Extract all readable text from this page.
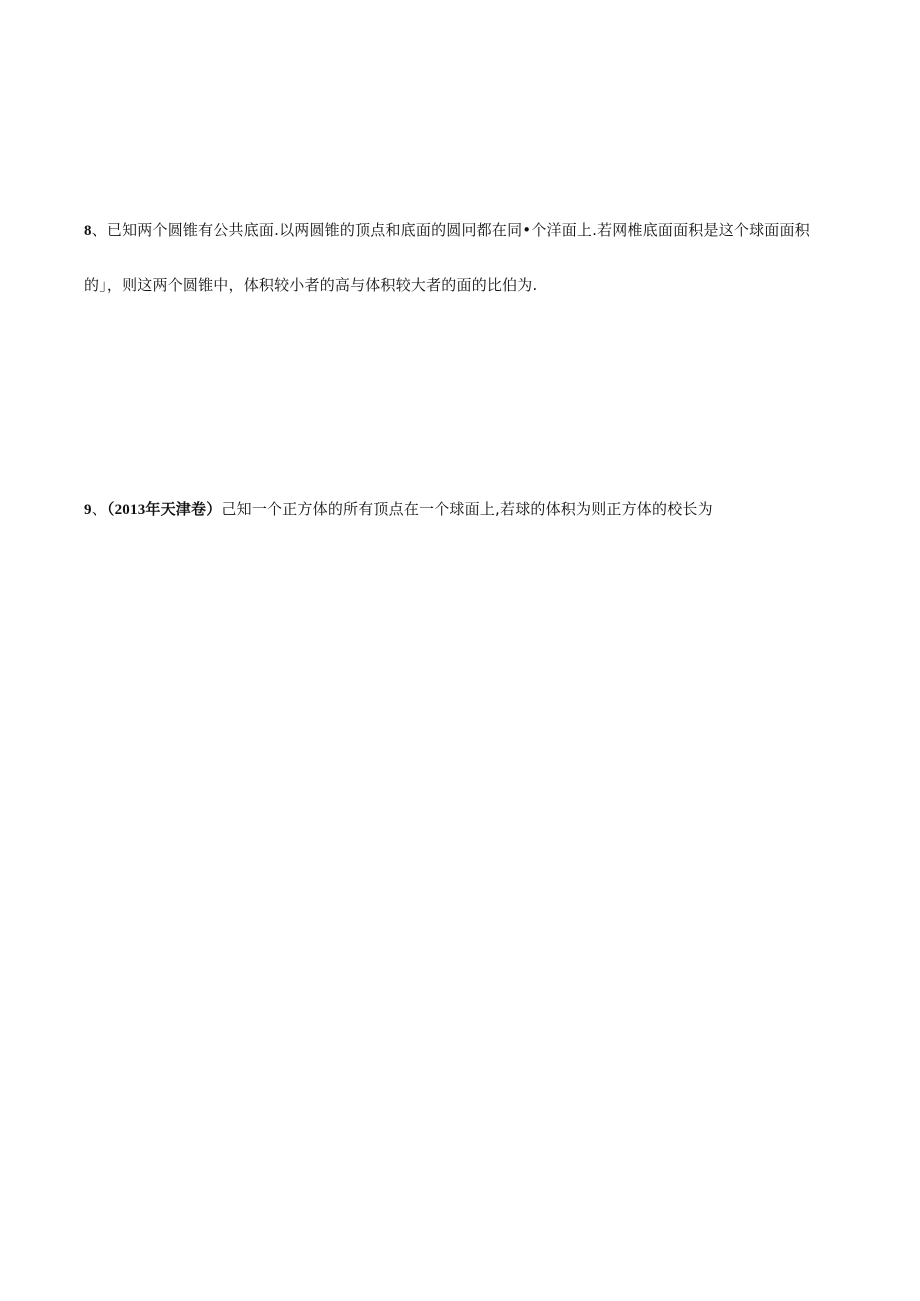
8、已知两个圆锥有公共底面.以两圆锥的顶点和底面的圆冋都在同•个洋面上.若网椎底面面积是这个球面面积
的」，则这两个圆锥中，体积较小者的高与体积较大者的面的比伯为.
9、（2013年天津卷）己知一个正方体的所有顶点在一个球面上,若球的体积为则正方体的校长为
